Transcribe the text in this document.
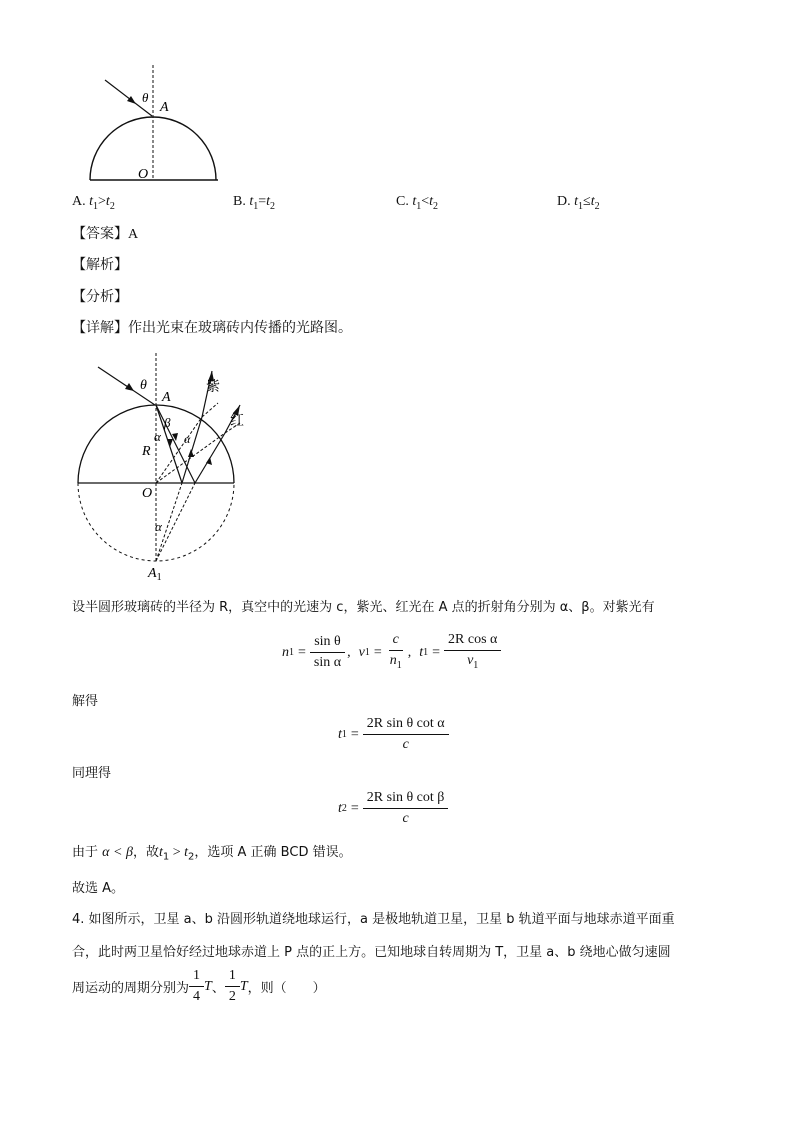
θ
A
O
A. $t_1>t_2$	B. $t_1=t_2$	C. $t_1<t_2$	D. $t_1\le t_2$
【答案】A
【解析】
【分析】
【详解】作出光束在玻璃砖内传播的光路图。
θ
A
β
α
R
O
α
α
$A_1$
紫
红
设半圆形玻璃砖的半径为 R，真空中的光速为 c，紫光、红光在 A 点的折射角分别为 α、β。对紫光有
n $1 = \frac{\text{sin θ}}{\text{sin α}}$ , v $1 = \frac{c}{n_1}$ , t $1 = \frac{\text{2R cos α}}{v_1}$
解得
t $1 = \frac{\text{2R sin θ cot α}}{c}$
同理得
t $2 = \frac{\text{2R sin θ cot β}}{c}$
由于 α < β，故$t_1 > t_2$，选项 A 正确 BCD 错误。
故选 A。
4. 如图所示，卫星 a、b 沿圆形轨道绕地球运行，a 是极地轨道卫星，卫星 b 轨道平面与地球赤道平面重
合，此时两卫星恰好经过地球赤道上 P 点的正上方。已知地球自转周期为 T，卫星 a、b 绕地心做匀速圆
周运动的周期分别为 $\frac{1}{4}$ T 、 $\frac{1}{2}$ T ，则（　　）
